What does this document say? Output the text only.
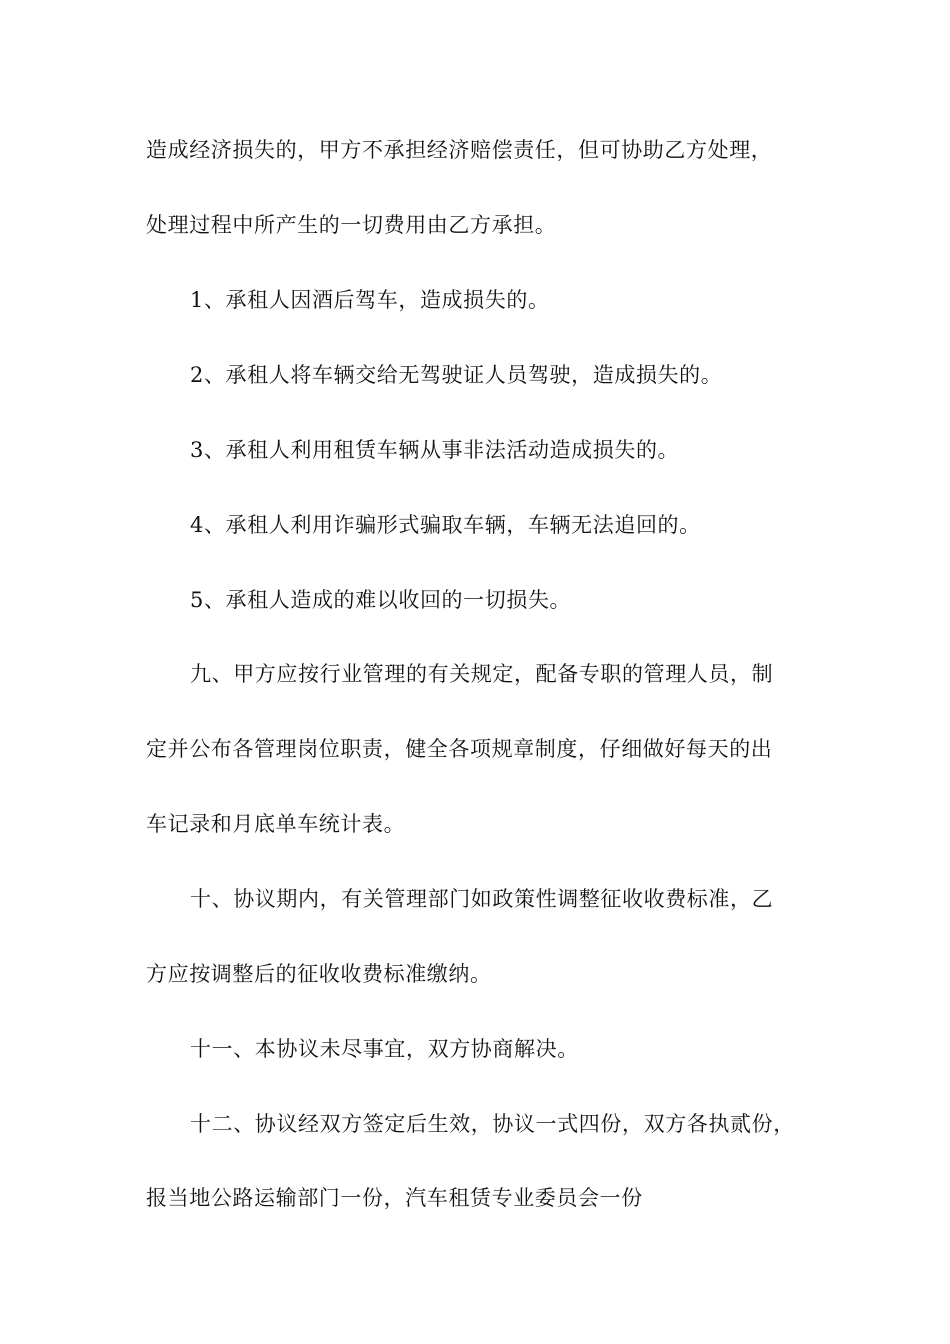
造成经济损失的，甲方不承担经济赔偿责任，但可协助乙方处理，
处理过程中所产生的一切费用由乙方承担。
1、承租人因酒后驾车，造成损失的。
2、承租人将车辆交给无驾驶证人员驾驶，造成损失的。
3、承租人利用租赁车辆从事非法活动造成损失的。
4、承租人利用诈骗形式骗取车辆，车辆无法追回的。
5、承租人造成的难以收回的一切损失。
九、甲方应按行业管理的有关规定，配备专职的管理人员，制
定并公布各管理岗位职责，健全各项规章制度，仔细做好每天的出
车记录和月底单车统计表。
十、协议期内，有关管理部门如政策性调整征收收费标准，乙
方应按调整后的征收收费标准缴纳。
十一、本协议未尽事宜，双方协商解决。
十二、协议经双方签定后生效，协议一式四份，双方各执贰份，
报当地公路运输部门一份，汽车租赁专业委员会一份
